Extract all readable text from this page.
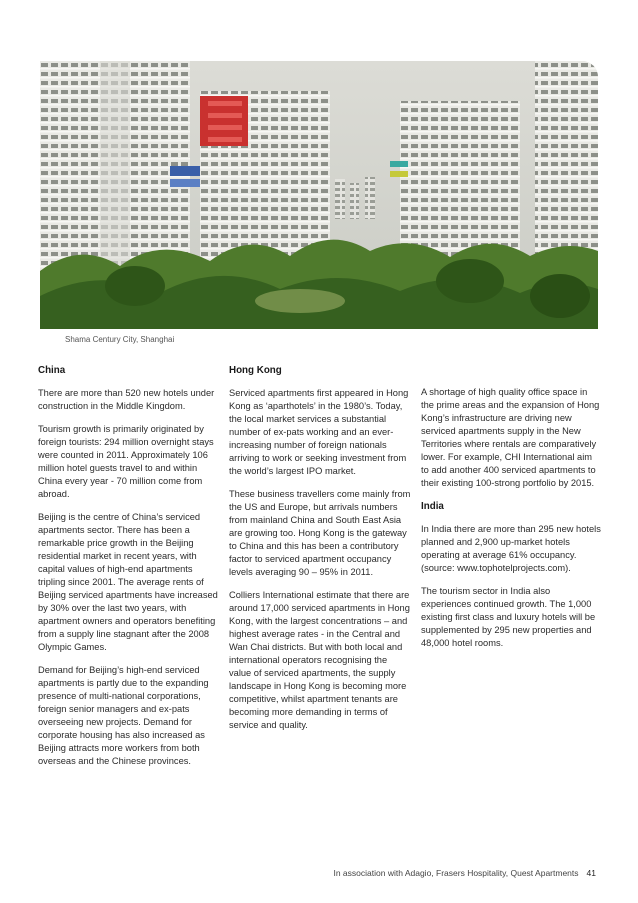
Shama Century City, Shanghai
China

There are more than 520 new hotels under construction in the Middle Kingdom.

Tourism growth is primarily originated by foreign tourists: 294 million overnight stays were counted in 2011. Approximately 106 million hotel guests travel to and within China every year - 70 million come from abroad.

Beijing is the centre of China’s serviced apartments sector. There has been a remarkable price growth in the Beijing residential market in recent years, with capital values of high-end apartments tripling since 2001. The average rents of Beijing serviced apartments have increased by 30% over the last two years, with apartment owners and operators benefiting from a supply line stagnant after the 2008 Olympic Games.

Demand for Beijing’s high-end serviced apartments is partly due to the expanding presence of multi-national corporations, foreign senior managers and ex-pats overseeing new projects. Demand for corporate housing has also increased as Beijing attracts more workers from both overseas and the Chinese provinces.

Hong Kong

Serviced apartments first appeared in Hong Kong as ‘aparthotels’ in the 1980’s. Today, the local market services a substantial number of ex-pats working and an ever-increasing number of foreign nationals arriving to work or seeking investment from the world’s largest IPO market.

These business travellers come mainly from the US and Europe, but arrivals numbers from mainland China and South East Asia are growing too. Hong Kong is the gateway to China and this has been a contributory factor to serviced apartment occupancy levels averaging 90 – 95% in 2011.

Colliers International estimate that there are around 17,000 serviced apartments in Hong Kong, with the largest concentrations – and highest average rates - in the Central and Wan Chai districts. But with both local and international operators recognising the value of serviced apartments, the supply landscape in Hong Kong is becoming more competitive, whilst apartment tenants are becoming more demanding in terms of service and quality.

A shortage of high quality office space in the prime areas and the expansion of Hong Kong’s infrastructure are driving new serviced apartments supply in the New Territories where rentals are comparatively lower. For example, CHI International aim to add another 400 serviced apartments to their existing 100-strong portfolio by 2015.

India

In India there are more than 295 new hotels planned and 2,900 up-market hotels operating at average 61% occupancy. (source: www.tophotelprojects.com).

The tourism sector in India also experiences continued growth. The 1,000 existing first class and luxury hotels will be supplemented by 295 new properties and 48,000 hotel rooms.

In association with Adagio, Frasers Hospitality, Quest Apartments 41
